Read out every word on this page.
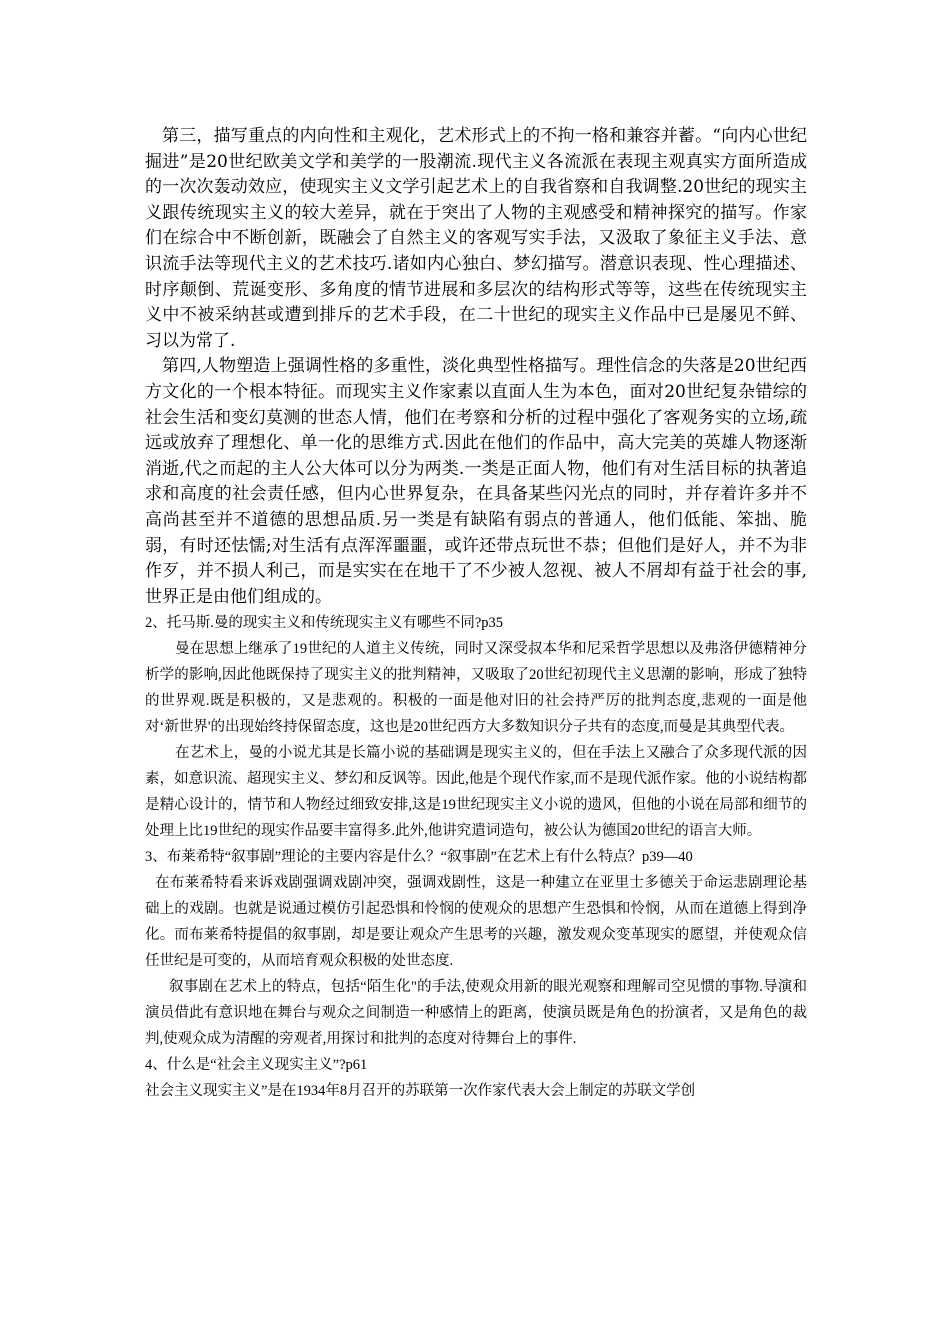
第三，描写重点的内向性和主观化，艺术形式上的不拘一格和兼容并蓄。“向内心世纪掘进”是20世纪欧美文学和美学的一股潮流.现代主义各流派在表现主观真实方面所造成的一次次轰动效应，使现实主义文学引起艺术上的自我省察和自我调整.20世纪的现实主义跟传统现实主义的较大差异，就在于突出了人物的主观感受和精神探究的描写。作家们在综合中不断创新，既融会了自然主义的客观写实手法，又汲取了象征主义手法、意识流手法等现代主义的艺术技巧.诸如内心独白、梦幻描写。潜意识表现、性心理描述、时序颠倒、荒诞变形、多角度的情节进展和多层次的结构形式等等，这些在传统现实主义中不被采纳甚或遭到排斥的艺术手段，在二十世纪的现实主义作品中已是屡见不鲜、习以为常了.

第四,人物塑造上强调性格的多重性，淡化典型性格描写。理性信念的失落是20世纪西方文化的一个根本特征。而现实主义作家素以直面人生为本色，面对20世纪复杂错综的社会生活和变幻莫测的世态人情，他们在考察和分析的过程中强化了客观务实的立场,疏远或放弃了理想化、单一化的思维方式.因此在他们的作品中，高大完美的英雄人物逐渐消逝,代之而起的主人公大体可以分为两类.一类是正面人物，他们有对生活目标的执著追求和高度的社会责任感，但内心世界复杂，在具备某些闪光点的同时，并存着许多并不高尚甚至并不道德的思想品质.另一类是有缺陷有弱点的普通人，他们低能、笨拙、脆弱，有时还怯懦;对生活有点浑浑噩噩，或许还带点玩世不恭；但他们是好人，并不为非作歹，并不损人利己，而是实实在在地干了不少被人忽视、被人不屑却有益于社会的事,世界正是由他们组成的。

2、托马斯.曼的现实主义和传统现实主义有哪些不同?p35

曼在思想上继承了19世纪的人道主义传统，同时又深受叔本华和尼采哲学思想以及弗洛伊德精神分析学的影响,因此他既保持了现实主义的批判精神，又吸取了20世纪初现代主义思潮的影响，形成了独特的世界观.既是积极的，又是悲观的。积极的一面是他对旧的社会持严厉的批判态度,悲观的一面是他对‘新世界'的出现始终持保留态度，这也是20世纪西方大多数知识分子共有的态度,而曼是其典型代表。

在艺术上，曼的小说尤其是长篇小说的基础调是现实主义的，但在手法上又融合了众多现代派的因素，如意识流、超现实主义、梦幻和反讽等。因此,他是个现代作家,而不是现代派作家。他的小说结构都是精心设计的，情节和人物经过细致安排,这是19世纪现实主义小说的遗风，但他的小说在局部和细节的处理上比19世纪的现实作品要丰富得多.此外,他讲究遣词造句，被公认为德国20世纪的语言大师。

3、布莱希特“叙事剧”理论的主要内容是什么？“叙事剧”在艺术上有什么特点？p39—40

在布莱希特看来诉戏剧强调戏剧冲突，强调戏剧性，这是一种建立在亚里士多德关于命运悲剧理论基础上的戏剧。也就是说通过模仿引起恐惧和怜悯的使观众的思想产生恐惧和怜悯，从而在道德上得到净化。而布莱希特提倡的叙事剧，却是要让观众产生思考的兴趣，激发观众变革现实的愿望，并使观众信任世纪是可变的，从而培育观众积极的处世态度.

叙事剧在艺术上的特点，包括“陌生化"的手法,使观众用新的眼光观察和理解司空见惯的事物.导演和演员借此有意识地在舞台与观众之间制造一种感情上的距离，使演员既是角色的扮演者，又是角色的裁判,使观众成为清醒的旁观者,用探讨和批判的态度对待舞台上的事件.

4、什么是“社会主义现实主义”?p61

社会主义现实主义”是在1934年8月召开的苏联第一次作家代表大会上制定的苏联文学创
